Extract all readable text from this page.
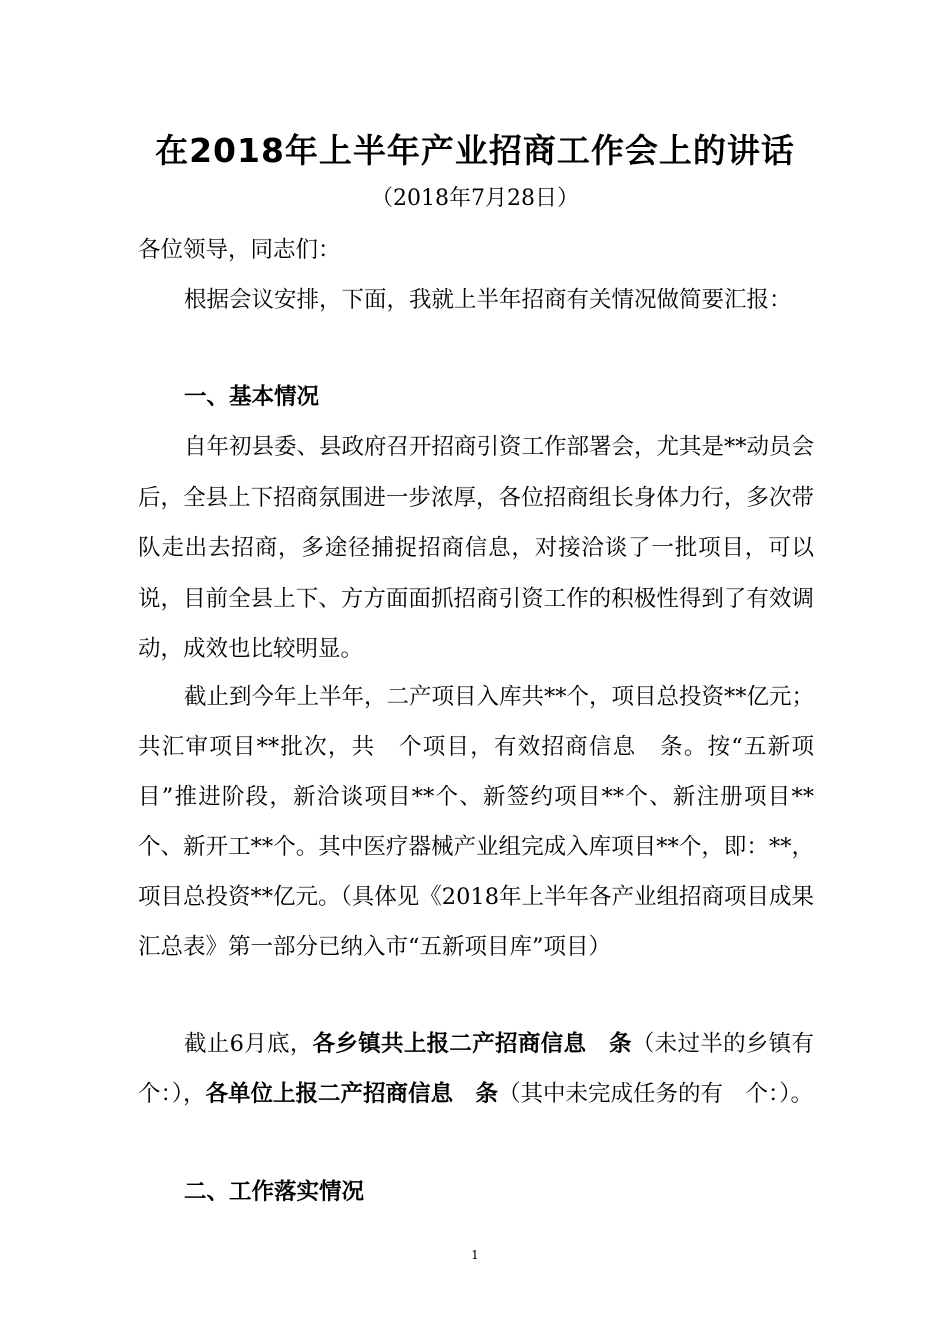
在2018年上半年产业招商工作会上的讲话
（2018年7月28日）
各位领导，同志们：
根据会议安排，下面，我就上半年招商有关情况做简要汇报：
一、基本情况
自年初县委、县政府召开招商引资工作部署会，尤其是**动员会后，全县上下招商氛围进一步浓厚，各位招商组长身体力行，多次带队走出去招商，多途径捕捉招商信息，对接洽谈了一批项目，可以说，目前全县上下、方方面面抓招商引资工作的积极性得到了有效调动，成效也比较明显。
截止到今年上半年，二产项目入库共**个，项目总投资**亿元；共汇审项目**批次，共　个项目，有效招商信息　条。按“五新项目”推进阶段，新洽谈项目**个、新签约项目**个、新注册项目**个、新开工**个。其中医疗器械产业组完成入库项目**个，即：**，项目总投资**亿元。（具体见《2018年上半年各产业组招商项目成果汇总表》第一部分已纳入市“五新项目库”项目）
截止6月底，各乡镇共上报二产招商信息　条（未过半的乡镇有　个：），各单位上报二产招商信息　条（其中未完成任务的有　个：）。
二、工作落实情况
1
